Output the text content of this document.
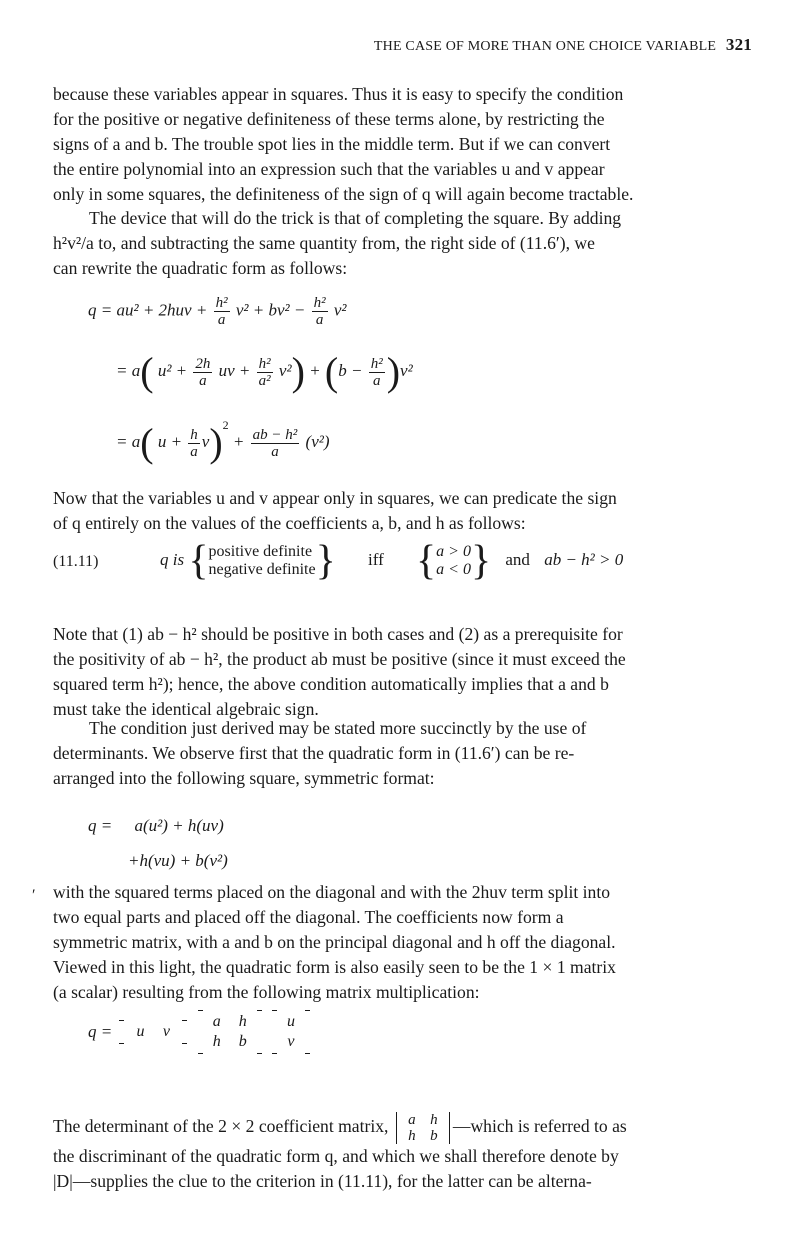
THE CASE OF MORE THAN ONE CHOICE VARIABLE 321
because these variables appear in squares. Thus it is easy to specify the condition
for the positive or negative definiteness of these terms alone, by restricting the
signs of a and b. The trouble spot lies in the middle term. But if we can convert
the entire polynomial into an expression such that the variables u and v appear
only in some squares, the definiteness of the sign of q will again become tractable.
The device that will do the trick is that of completing the square. By adding
h²v²/a to, and subtracting the same quantity from, the right side of (11.6′), we
can rewrite the quadratic form as follows:
$q = au^2 + 2huv + \frac{\text{h²}}{a} v^2 + bv^2 - \frac{\text{h²}}{a} v^2$
= a( $u^2 + \frac{2h}{a}$ uv + $\frac{\text{h²}}{\text{a²}} v^2) + (b - \frac{\text{h²}}{a} )v^2$
= a( $u + \frac{h}{a} v)^2 + \frac{\text{ab − h²}}{a} (v^2)$
Now that the variables u and v appear only in squares, we can predicate the sign
of q entirely on the values of the coefficients a, b, and h as follows:
(11.11)	q is { positive definite
negative definite } iff { a > 0
a < 0 } and ab − h² > 0
Note that (1) ab − h² should be positive in both cases and (2) as a prerequisite for
the positivity of ab − h², the product ab must be positive (since it must exceed the
squared term h²); hence, the above condition automatically implies that a and b
must take the identical algebraic sign.
The condition just derived may be stated more succinctly by the use of
determinants. We observe first that the quadratic form in (11.6′) can be re-
arranged into the following square, symmetric format:
q = a(u²) + h(uv)
+h(vu) + b(v²)
′ with the squared terms placed on the diagonal and with the 2huv term split into
two equal parts and placed off the diagonal. The coefficients now form a
symmetric matrix, with a and b on the principal diagonal and h off the diagonal.
Viewed in this light, the quadratic form is also easily seen to be the 1 × 1 matrix
(a scalar) resulting from the following matrix multiplication:
q =	u v

a h
h b

u
v
The determinant of the 2 × 2 coefficient matrix,	a h
h b —which is referred to as
the discriminant of the quadratic form q, and which we shall therefore denote by
|D|—supplies the clue to the criterion in (11.11), for the latter can be alterna-
